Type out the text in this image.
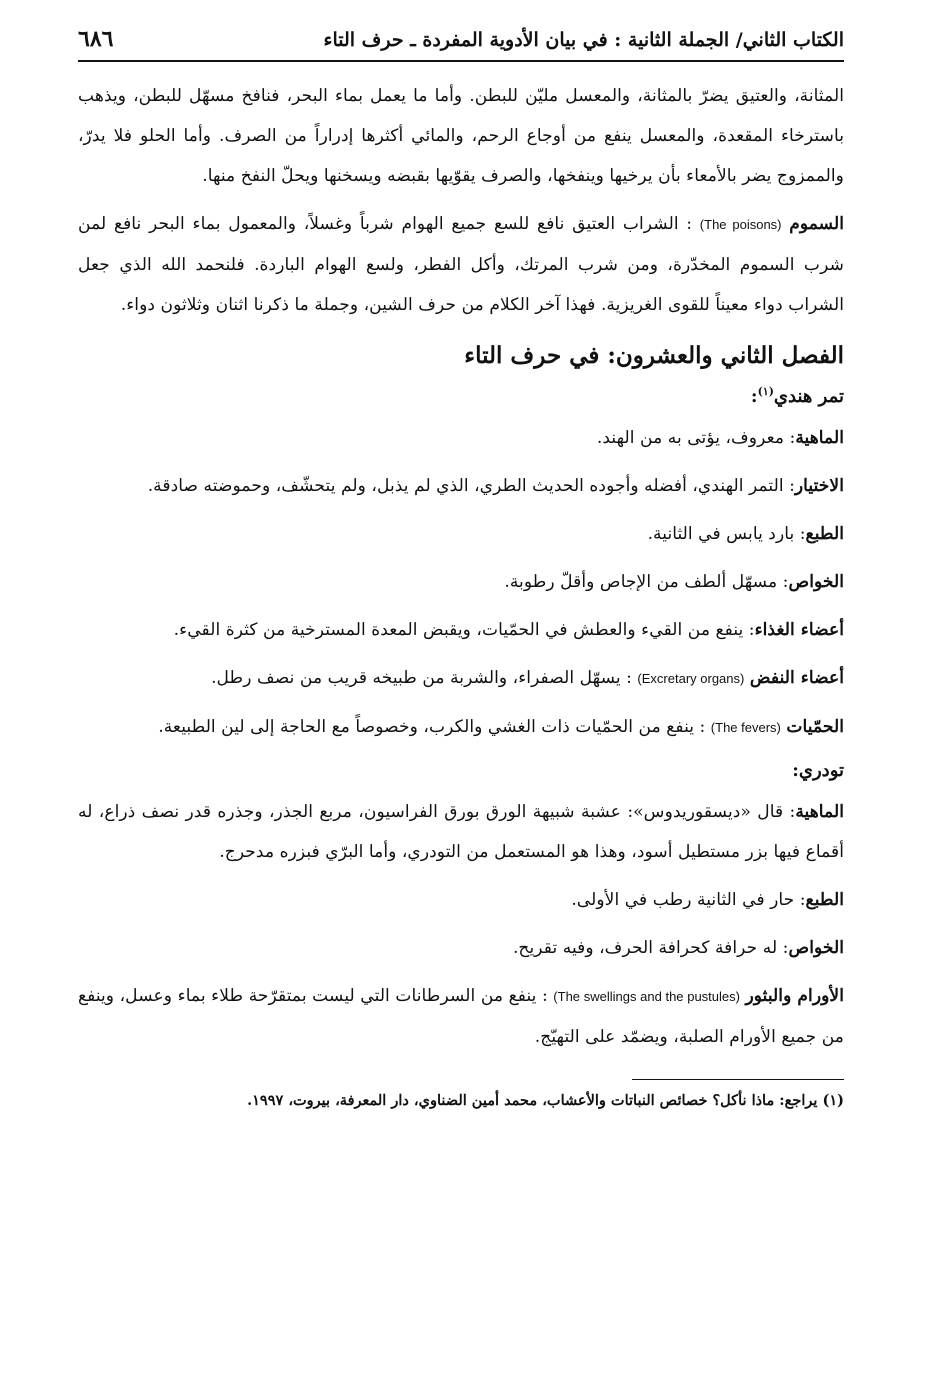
الكتاب الثاني/ الجملة الثانية : في بيان الأدوية المفردة ـ حرف التاء
٦٨٦

المثانة، والعتيق يضرّ بالمثانة، والمعسل مليّن للبطن. وأما ما يعمل بماء البحر، فنافخ مسهّل للبطن، ويذهب باسترخاء المقعدة، والمعسل ينفع من أوجاع الرحم، والمائي أكثرها إدراراً من الصرف. وأما الحلو فلا يدرّ، والممزوج يضر بالأمعاء بأن يرخيها وينفخها، والصرف يقوّيها بقبضه ويسخنها ويحلّ النفخ منها.

السموم (The poisons) : الشراب العتيق نافع للسع جميع الهوام شرباً وغسلاً، والمعمول بماء البحر نافع لمن شرب السموم المخدّرة، ومن شرب المرتك، وأكل الفطر، ولسع الهوام الباردة. فلنحمد الله الذي جعل الشراب دواء معيناً للقوى الغريزية. فهذا آخر الكلام من حرف الشين، وجملة ما ذكرنا اثنان وثلاثون دواء.

الفصل الثاني والعشرون: في حرف التاء
تمر هندي$^{(١)}$:

الماهية: معروف، يؤتى به من الهند.

الاختيار: التمر الهندي، أفضله وأجوده الحديث الطري، الذي لم يذبل، ولم يتحشّف، وحموضته صادقة.

الطبع: بارد يابس في الثانية.

الخواص: مسهّل ألطف من الإجاص وأقلّ رطوبة.

أعضاء الغذاء: ينفع من القيء والعطش في الحمّيات، ويقبض المعدة المسترخية من كثرة القيء.

أعضاء النفض (Excretary organs) : يسهّل الصفراء، والشربة من طبيخه قريب من نصف رطل.

الحمّيات (The fevers) : ينفع من الحمّيات ذات الغشي والكرب، وخصوصاً مع الحاجة إلى لين الطبيعة.

تودري:

الماهية: قال «ديسقوريدوس»: عشبة شبيهة الورق بورق الفراسيون، مربع الجذر، وجذره قدر نصف ذراع، له أقماع فيها بزر مستطيل أسود، وهذا هو المستعمل من التودري، وأما البرّي فبزره مدحرج.

الطبع: حار في الثانية رطب في الأولى.

الخواص: له حرافة كحرافة الحرف، وفيه تقريح.

الأورام والبثور (The swellings and the pustules) : ينفع من السرطانات التي ليست بمتقرّحة طلاء بماء وعسل، وينفع من جميع الأورام الصلبة، ويضمّد على التهيّج.

(١) يراجع: ماذا نأكل؟ خصائص النباتات والأعشاب، محمد أمين الضناوي، دار المعرفة، بيروت، ١٩٩٧.
